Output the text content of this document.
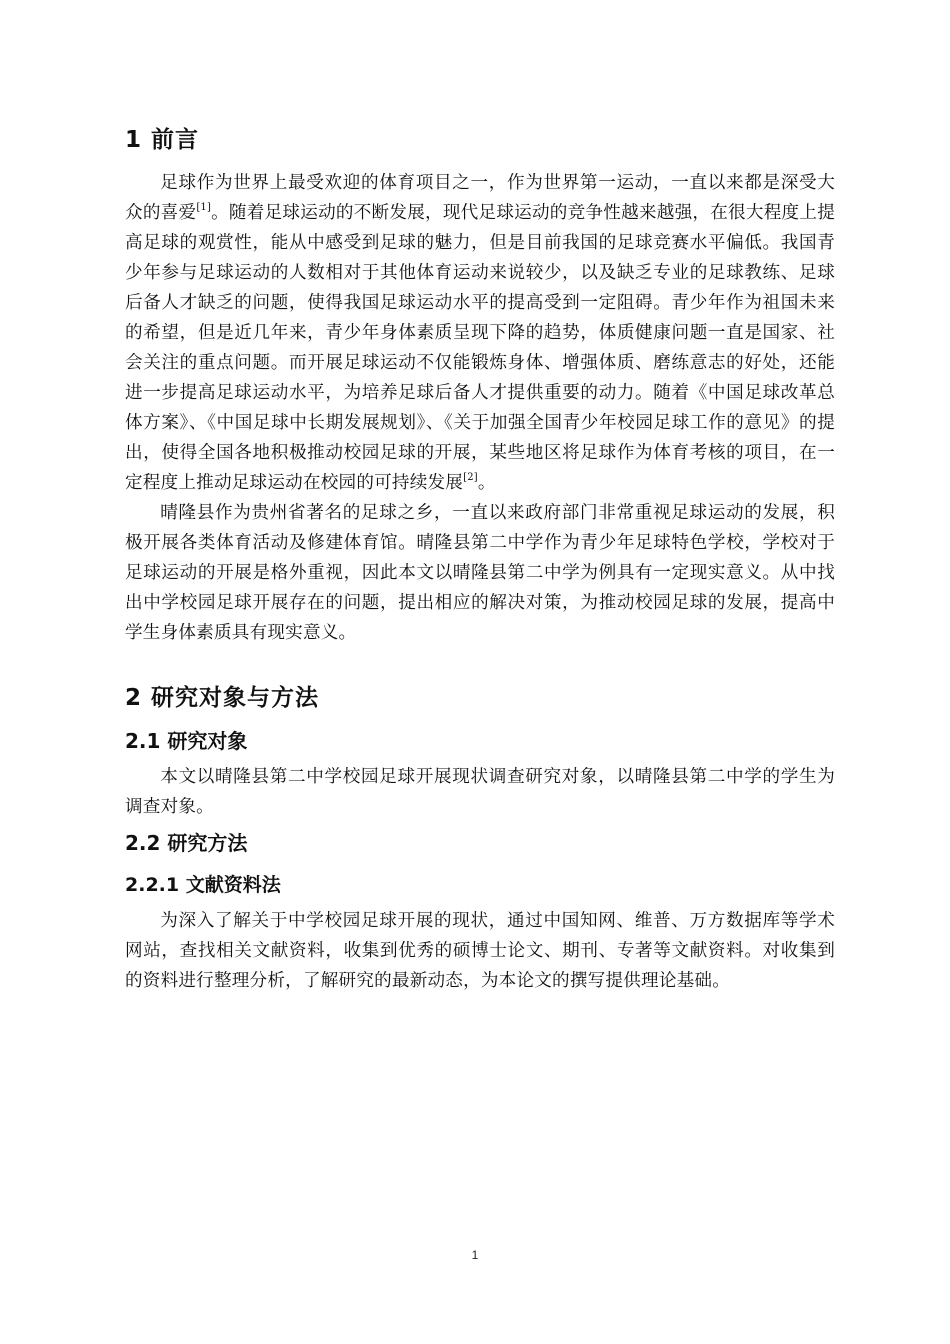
1 前言

足球作为世界上最受欢迎的体育项目之一，作为世界第一运动，一直以来都是深受大众的喜爱[1]。随着足球运动的不断发展，现代足球运动的竞争性越来越强，在很大程度上提高足球的观赏性，能从中感受到足球的魅力，但是目前我国的足球竞赛水平偏低。我国青少年参与足球运动的人数相对于其他体育运动来说较少，以及缺乏专业的足球教练、足球后备人才缺乏的问题，使得我国足球运动水平的提高受到一定阻碍。青少年作为祖国未来的希望，但是近几年来，青少年身体素质呈现下降的趋势，体质健康问题一直是国家、社会关注的重点问题。而开展足球运动不仅能锻炼身体、增强体质、磨练意志的好处，还能进一步提高足球运动水平，为培养足球后备人才提供重要的动力。随着《中国足球改革总体方案》、《中国足球中长期发展规划》、《关于加强全国青少年校园足球工作的意见》的提出，使得全国各地积极推动校园足球的开展，某些地区将足球作为体育考核的项目，在一定程度上推动足球运动在校园的可持续发展[2]。

晴隆县作为贵州省著名的足球之乡，一直以来政府部门非常重视足球运动的发展，积极开展各类体育活动及修建体育馆。晴隆县第二中学作为青少年足球特色学校，学校对于足球运动的开展是格外重视，因此本文以晴隆县第二中学为例具有一定现实意义。从中找出中学校园足球开展存在的问题，提出相应的解决对策，为推动校园足球的发展，提高中学生身体素质具有现实意义。

2 研究对象与方法
2.1 研究对象

本文以晴隆县第二中学校园足球开展现状调查研究对象，以晴隆县第二中学的学生为调查对象。

2.2 研究方法
2.2.1 文献资料法

为深入了解关于中学校园足球开展的现状，通过中国知网、维普、万方数据库等学术网站，查找相关文献资料，收集到优秀的硕博士论文、期刊、专著等文献资料。对收集到的资料进行整理分析，了解研究的最新动态，为本论文的撰写提供理论基础。

1
